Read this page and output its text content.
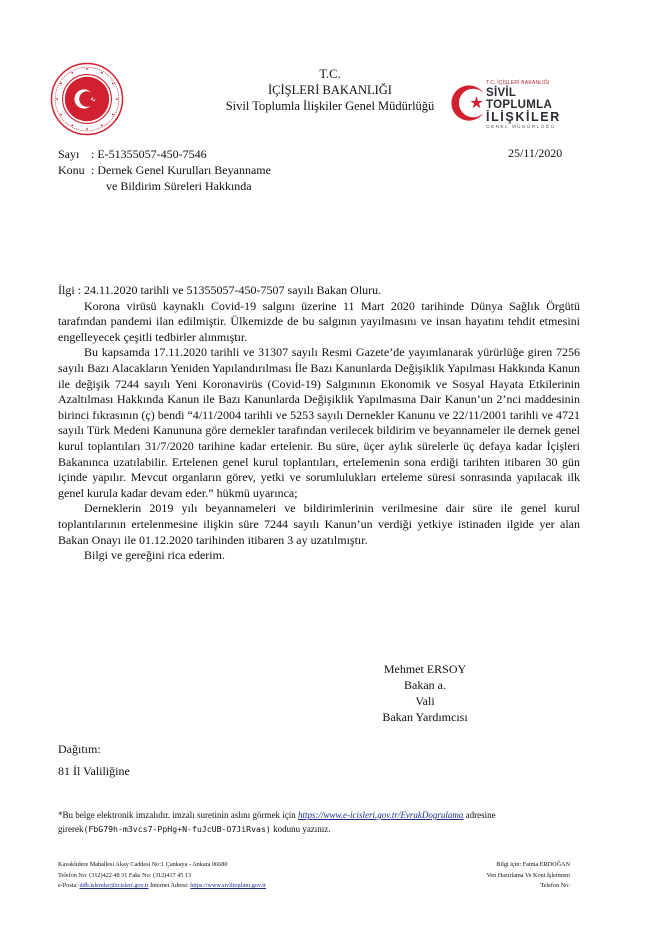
T.C.
İÇİŞLERİ BAKANLIĞI
Sivil Toplumla İlişkiler Genel Müdürlüğü
T.C. İÇİŞLERİ BAKANLIĞI
SİVİL TOPLUMLA
İLİŞKİLER
GENEL MÜDÜRLÜĞÜ
Sayı : E-51355057-450-7546
Konu : Dernek Genel Kurulları Beyanname
ve Bildirim Süreleri Hakkında
25/11/2020

İlgi : 24.11.2020 tarihli ve 51355057-450-7507 sayılı Bakan Oluru.

Korona virüsü kaynaklı Covid-19 salgını üzerine 11 Mart 2020 tarihinde Dünya Sağlık Örgütü tarafından pandemi ilan edilmiştir. Ülkemizde de bu salgının yayılmasını ve insan hayatını tehdit etmesini engelleyecek çeşitli tedbirler alınmıştır.

Bu kapsamda 17.11.2020 tarihli ve 31307 sayılı Resmi Gazete’de yayımlanarak yürürlüğe giren 7256 sayılı Bazı Alacakların Yeniden Yapılandırılması İle Bazı Kanunlarda Değişiklik Yapılması Hakkında Kanun ile değişik 7244 sayılı Yeni Koronavirüs (Covid-19) Salgınının Ekonomik ve Sosyal Hayata Etkilerinin Azaltılması Hakkında Kanun ile Bazı Kanunlarda Değişiklik Yapılmasına Dair Kanun’un 2’nci maddesinin birinci fıkrasının (ç) bendi “4/11/2004 tarihli ve 5253 sayılı Dernekler Kanunu ve 22/11/2001 tarihli ve 4721 sayılı Türk Medeni Kanununa göre dernekler tarafından verilecek bildirim ve beyannameler ile dernek genel kurul toplantıları 31/7/2020 tarihine kadar ertelenir. Bu süre, üçer aylık sürelerle üç defaya kadar İçişleri Bakanınca uzatılabilir. Ertelenen genel kurul toplantıları, ertelemenin sona erdiği tarihten itibaren 30 gün içinde yapılır. Mevcut organların görev, yetki ve sorumlulukları erteleme süresi sonrasında yapılacak ilk genel kurula kadar devam eder.” hükmü uyarınca;

Derneklerin 2019 yılı beyannameleri ve bildirimlerinin verilmesine dair süre ile genel kurul toplantılarının ertelenmesine ilişkin süre 7244 sayılı Kanun’un verdiği yetkiye istinaden ilgide yer alan Bakan Onayı ile 01.12.2020 tarihinden itibaren 3 ay uzatılmıştır.

Bilgi ve gereğini rica ederim.

Mehmet ERSOY
Bakan a.
Vali
Bakan Yardımcısı
Dağıtım:
81 İl Valiliğine
*Bu belge elektronik imzalıdır. imzalı suretinin aslını görmek için https://www.e-icisleri.gov.tr/EvrakDogrulama adresine
girerek(FbG79h-m3vcs7-PpHg+N-fuJcUB-O7JiRvas) kodunu yazınız.
Kavaklıdere Mahallesi Akay Caddesi No:1 Çankaya - Ankara 06680
Telefon No: (312)422 48 31 Faks No: (312)417 45 13
e-Posta: ddb.islemler@icisleri.gov.tr İnternet Adresi: https://www.siviltoplum.gov.tr
Bilgi için: Fatma ERDOĞAN
Ven Hazırlama Ve Kont.İşletmeni
Telefon No:
